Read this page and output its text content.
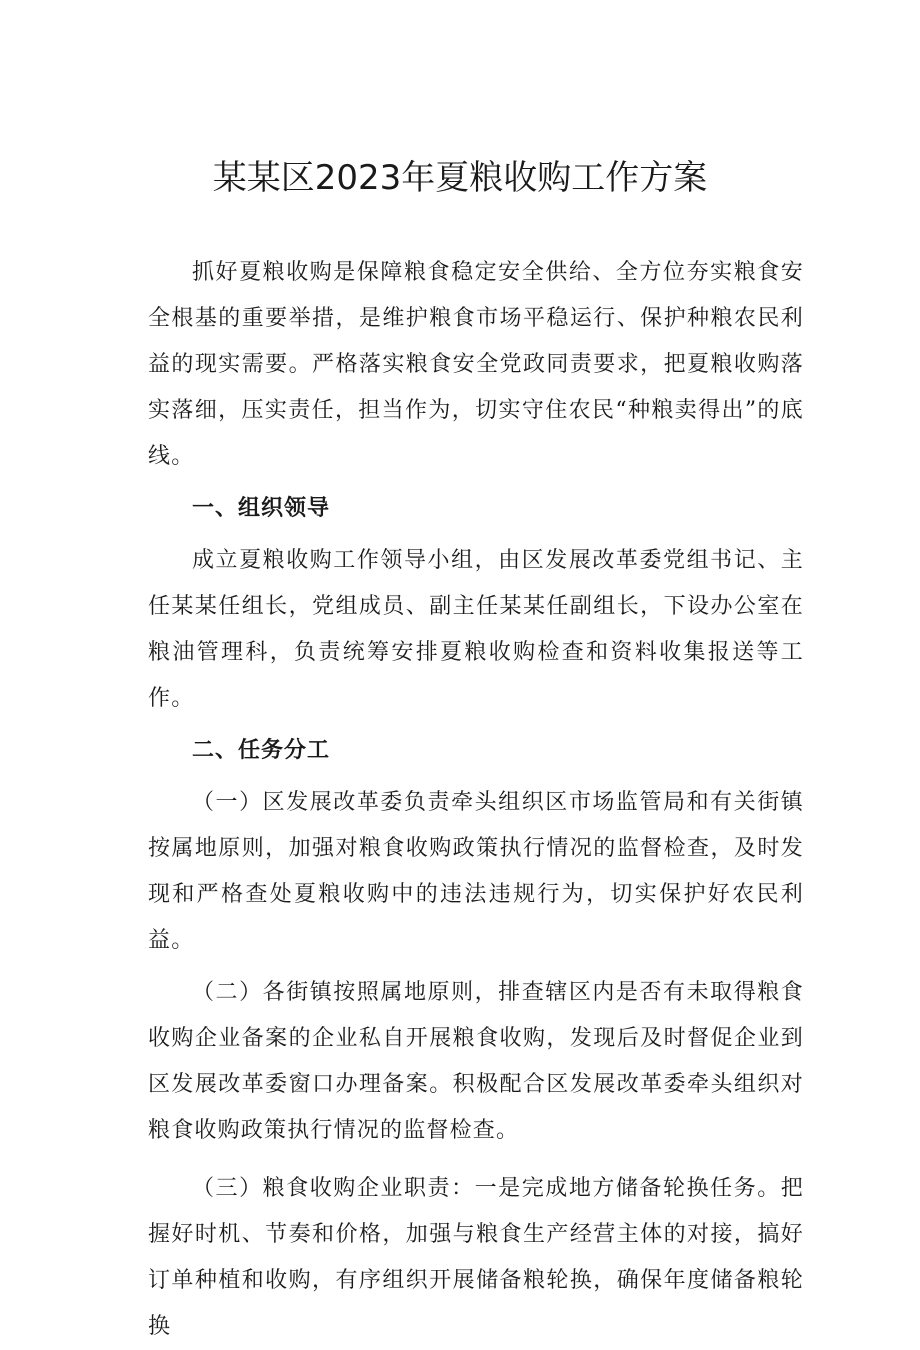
某某区2023年夏粮收购工作方案

抓好夏粮收购是保障粮食稳定安全供给、全方位夯实粮食安全根基的重要举措，是维护粮食市场平稳运行、保护种粮农民利益的现实需要。严格落实粮食安全党政同责要求，把夏粮收购落实落细，压实责任，担当作为，切实守住农民“种粮卖得出”的底线。

一、组织领导

成立夏粮收购工作领导小组，由区发展改革委党组书记、主任某某任组长，党组成员、副主任某某任副组长，下设办公室在粮油管理科，负责统筹安排夏粮收购检查和资料收集报送等工作。

二、任务分工

（一）区发展改革委负责牵头组织区市场监管局和有关街镇按属地原则，加强对粮食收购政策执行情况的监督检查，及时发现和严格查处夏粮收购中的违法违规行为，切实保护好农民利益。

（二）各街镇按照属地原则，排查辖区内是否有未取得粮食收购企业备案的企业私自开展粮食收购，发现后及时督促企业到区发展改革委窗口办理备案。积极配合区发展改革委牵头组织对粮食收购政策执行情况的监督检查。

（三）粮食收购企业职责：一是完成地方储备轮换任务。把握好时机、节奏和价格，加强与粮食生产经营主体的对接，搞好订单种植和收购，有序组织开展储备粮轮换，确保年度储备粮轮换
